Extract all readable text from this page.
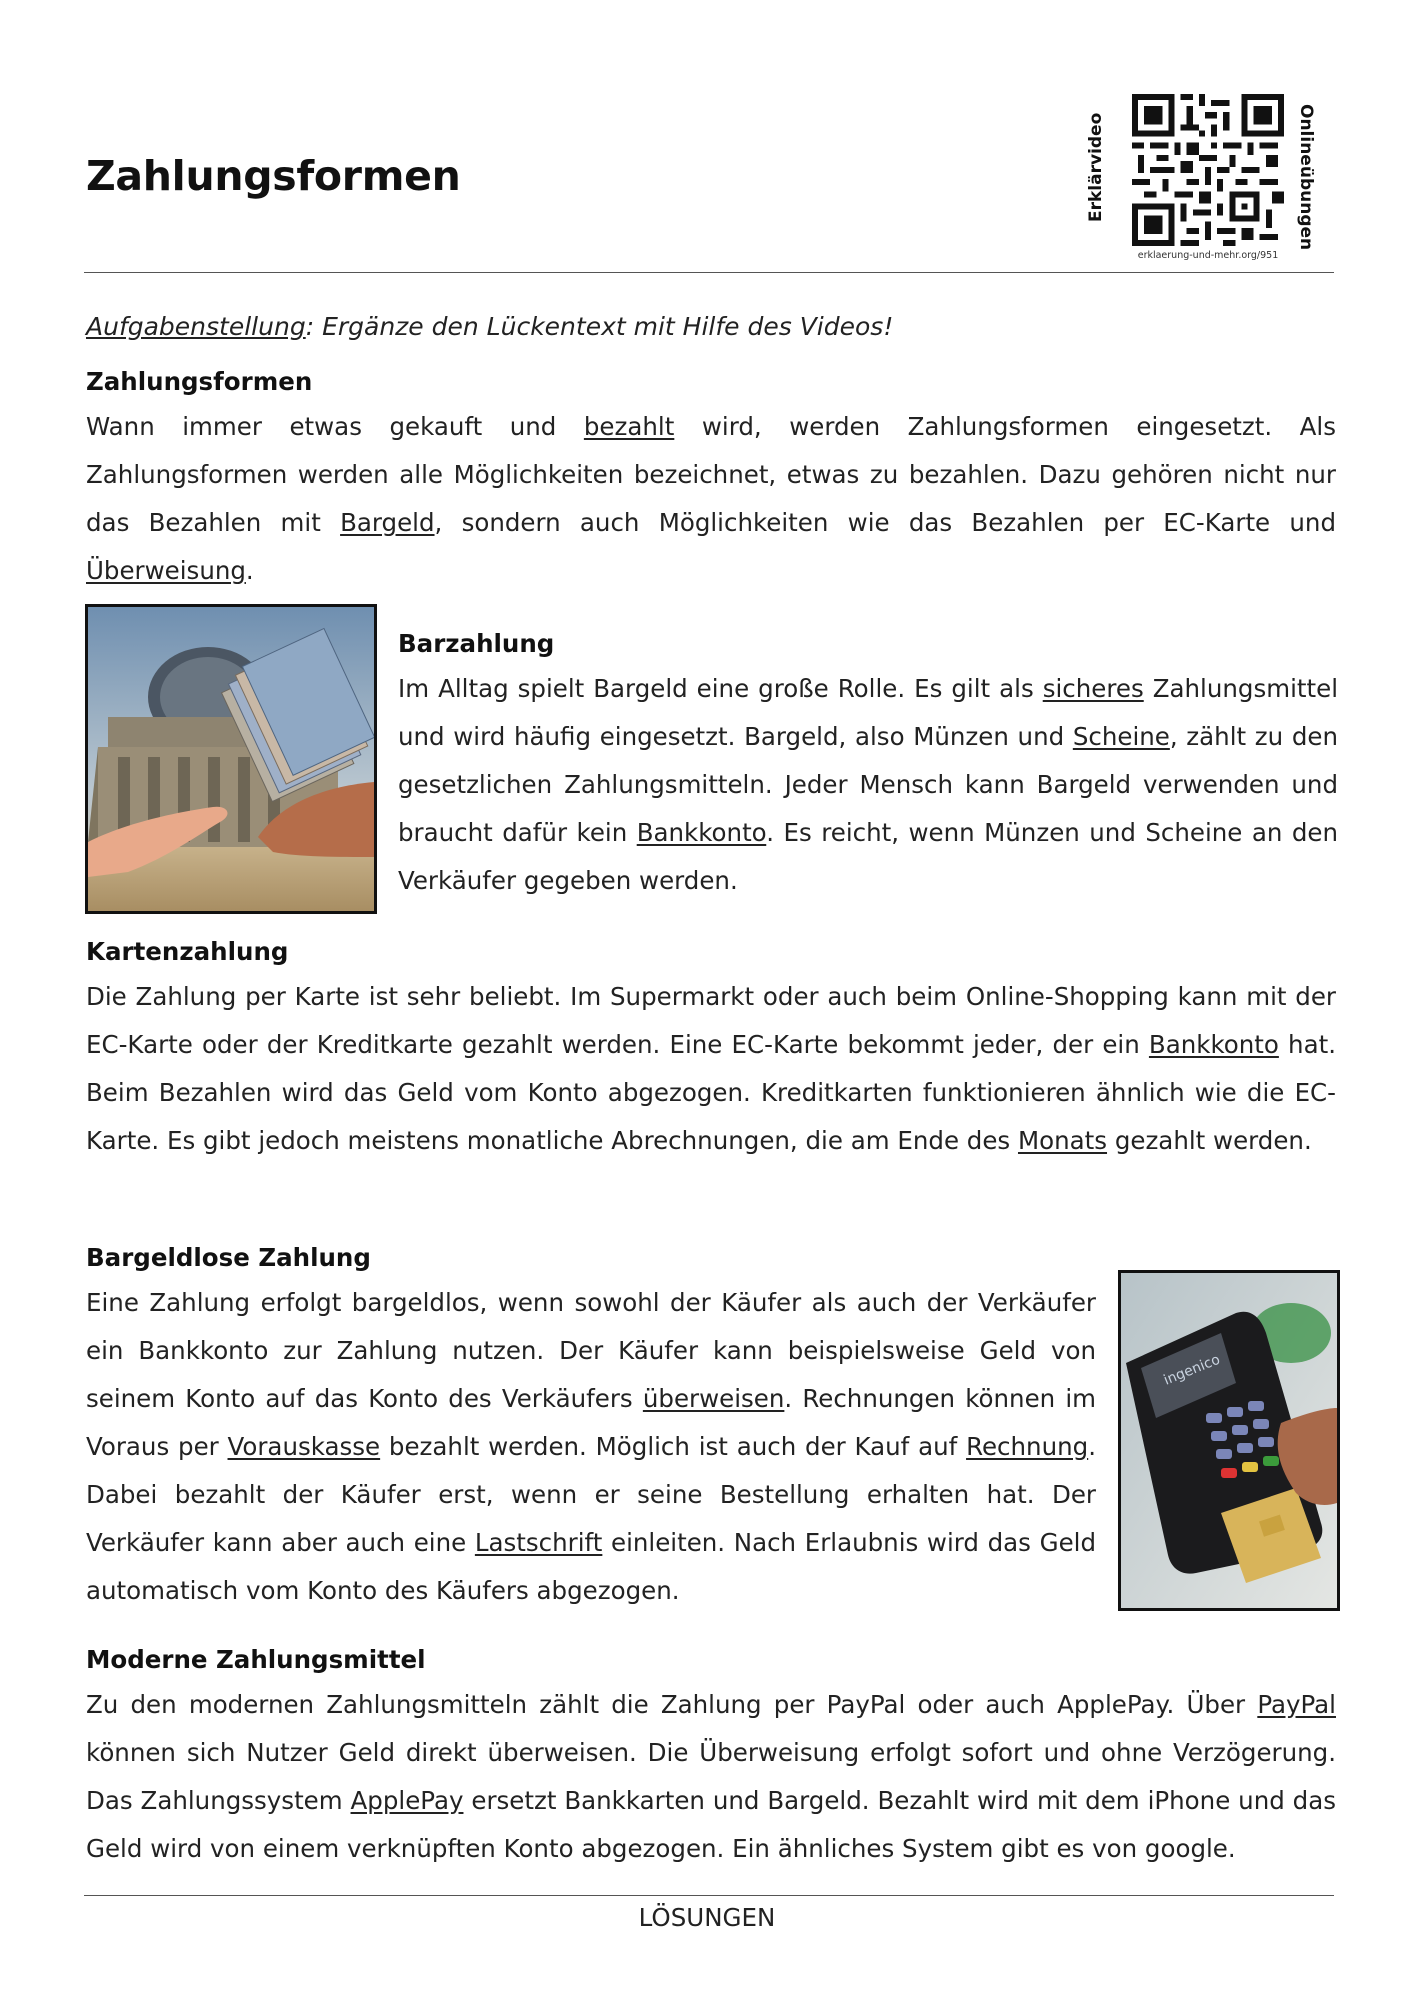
Zahlungsformen	Erklärvideo	Onlineübungen
erklaerung-und-mehr.org/951
Aufgabenstellung: Ergänze den Lückentext mit Hilfe des Videos!
Zahlungsformen
Wann immer etwas gekauft und bezahlt wird, werden Zahlungsformen eingesetzt. Als Zahlungsformen werden alle Möglichkeiten bezeichnet, etwas zu bezahlen. Dazu gehören nicht nur das Bezahlen mit Bargeld, sondern auch Möglichkeiten wie das Bezahlen per EC-Karte und Überweisung.
Barzahlung
Im Alltag spielt Bargeld eine große Rolle. Es gilt als sicheres Zahlungsmittel und wird häufig eingesetzt. Bargeld, also Münzen und Scheine, zählt zu den gesetzlichen Zahlungsmitteln. Jeder Mensch kann Bargeld verwenden und braucht dafür kein Bankkonto. Es reicht, wenn Münzen und Scheine an den Verkäufer gegeben werden.
Kartenzahlung
Die Zahlung per Karte ist sehr beliebt. Im Supermarkt oder auch beim Online-Shopping kann mit der EC-Karte oder der Kreditkarte gezahlt werden. Eine EC-Karte bekommt jeder, der ein Bankkonto hat. Beim Bezahlen wird das Geld vom Konto abgezogen. Kreditkarten funktionieren ähnlich wie die EC-Karte. Es gibt jedoch meistens monatliche Abrechnungen, die am Ende des Monats gezahlt werden.
Bargeldlose Zahlung
Eine Zahlung erfolgt bargeldlos, wenn sowohl der Käufer als auch der Verkäufer ein Bankkonto zur Zahlung nutzen. Der Käufer kann beispielsweise Geld von seinem Konto auf das Konto des Verkäufers überweisen. Rechnungen können im Voraus per Vorauskasse bezahlt werden. Möglich ist auch der Kauf auf Rechnung. Dabei bezahlt der Käufer erst, wenn er seine Bestellung erhalten hat. Der Verkäufer kann aber auch eine Lastschrift einleiten. Nach Erlaubnis wird das Geld automatisch vom Konto des Käufers abgezogen.
ingenico
Moderne Zahlungsmittel
Zu den modernen Zahlungsmitteln zählt die Zahlung per PayPal oder auch ApplePay. Über PayPal können sich Nutzer Geld direkt überweisen. Die Überweisung erfolgt sofort und ohne Verzögerung. Das Zahlungssystem ApplePay ersetzt Bankkarten und Bargeld. Bezahlt wird mit dem iPhone und das Geld wird von einem verknüpften Konto abgezogen. Ein ähnliches System gibt es von google.
LÖSUNGEN
